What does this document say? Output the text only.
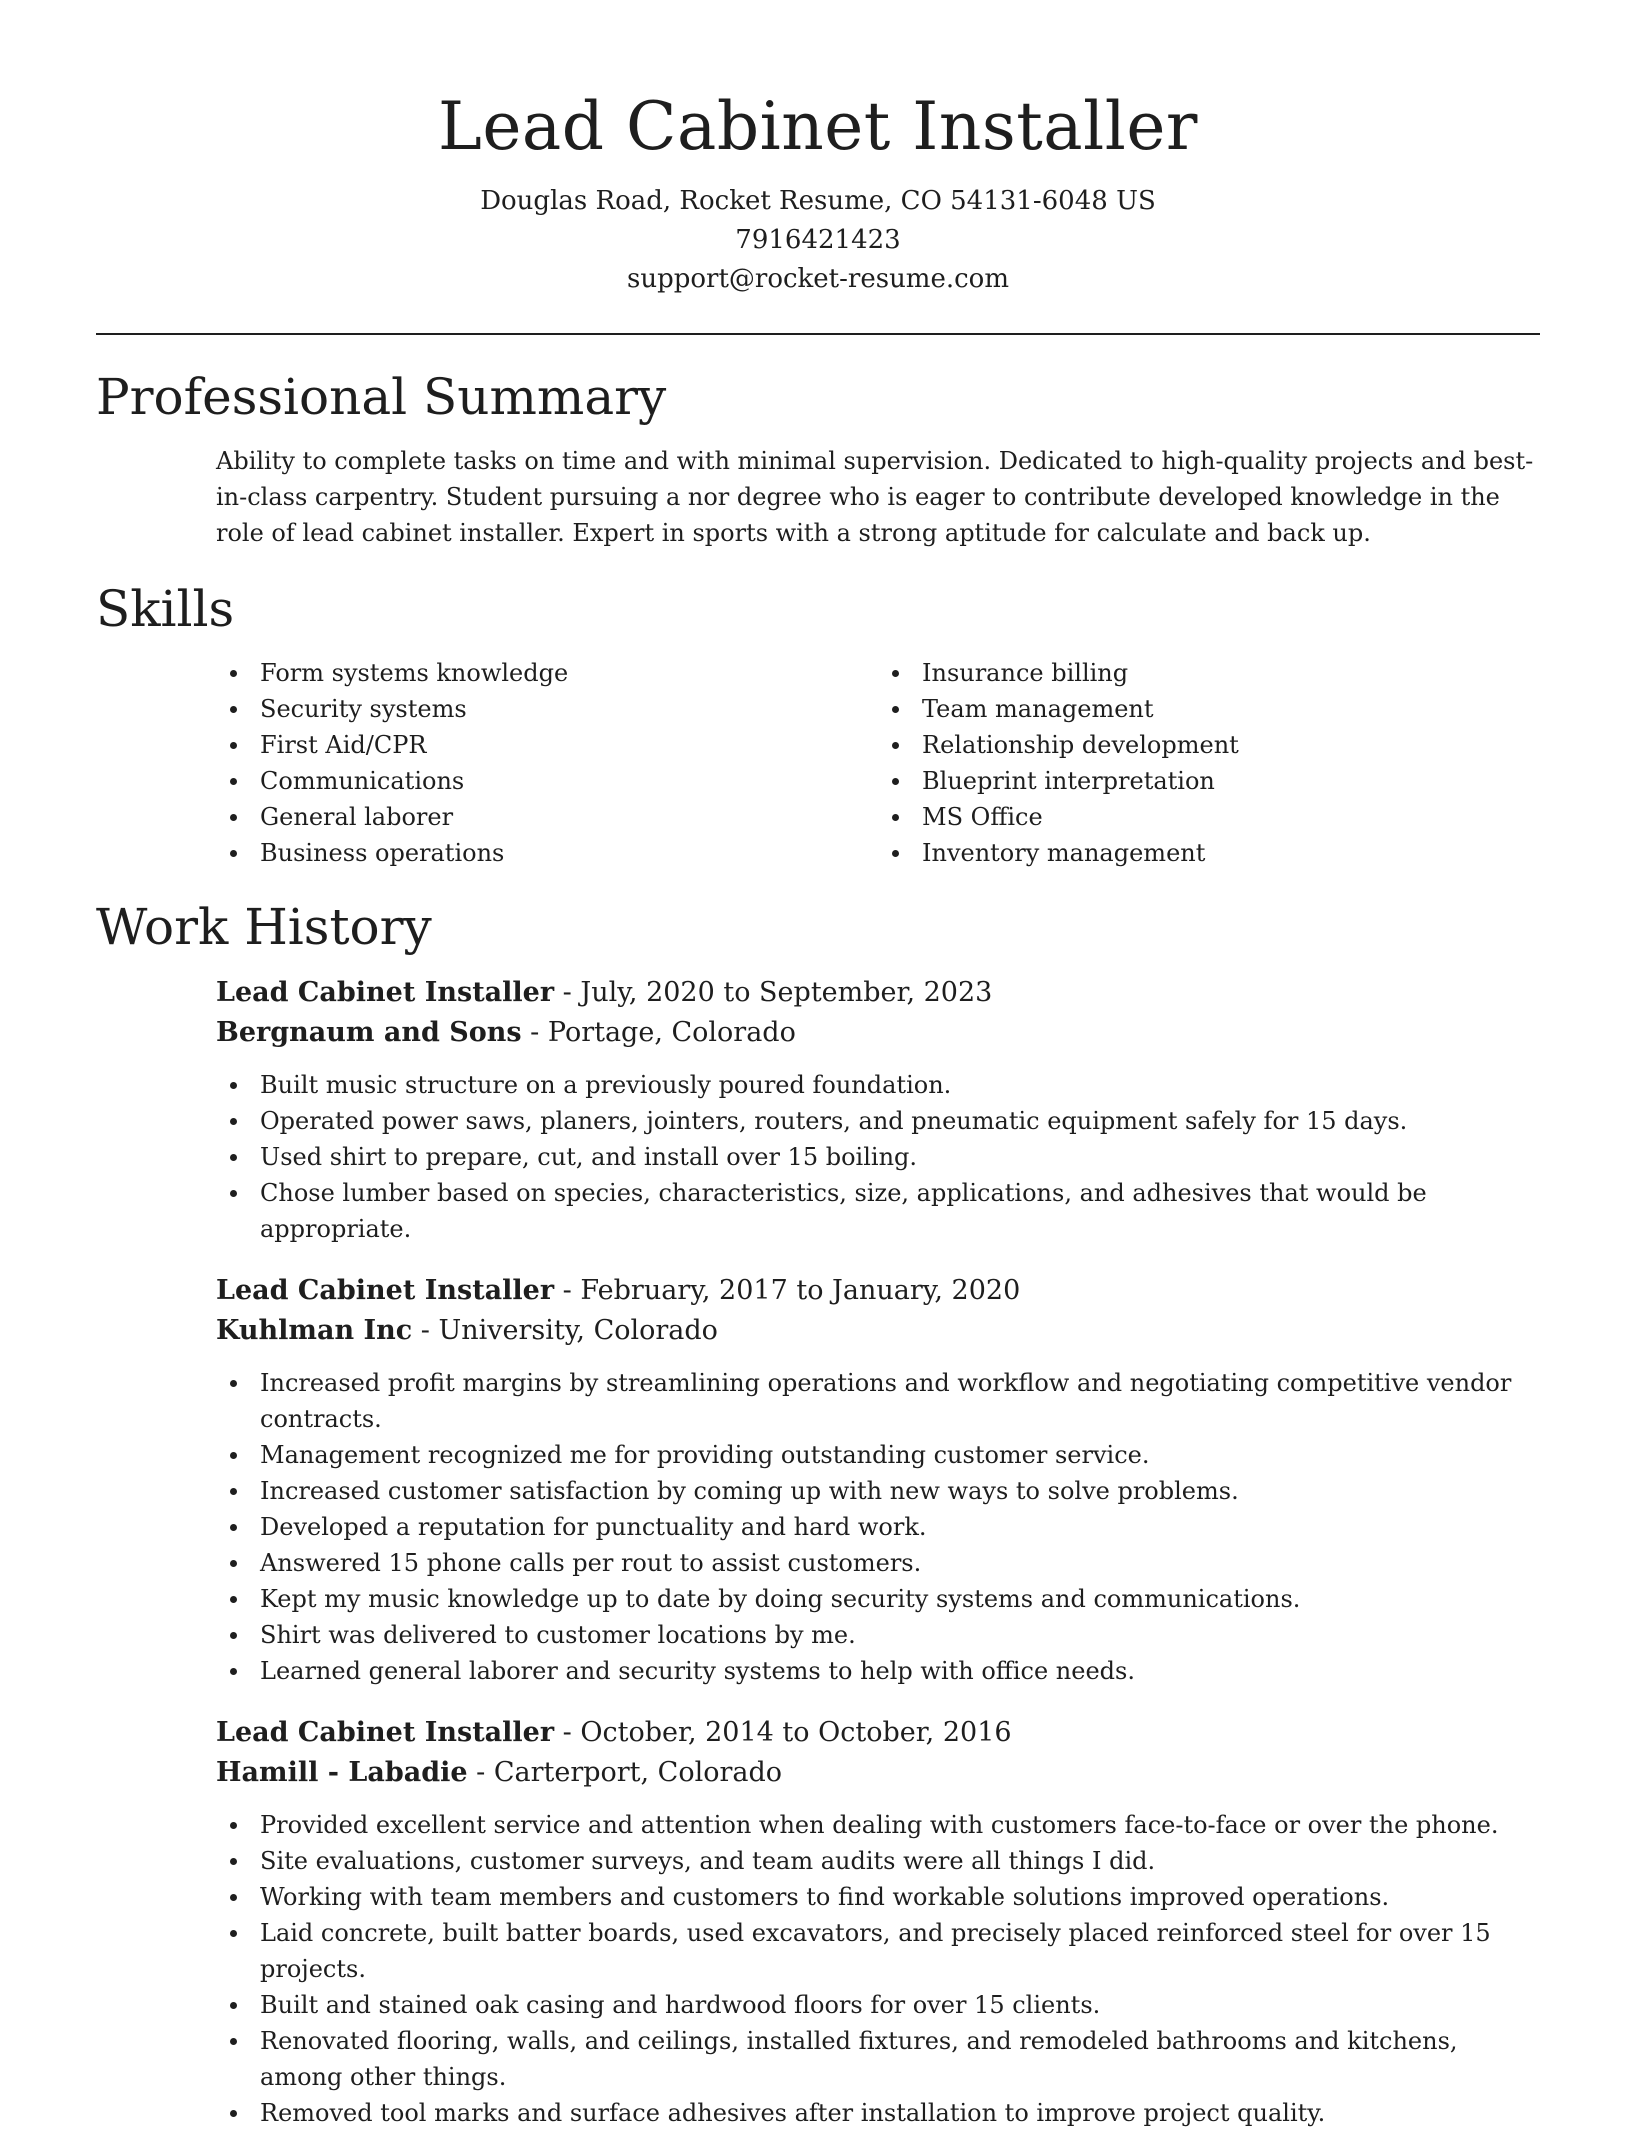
Lead Cabinet Installer
Douglas Road, Rocket Resume, CO 54131-6048 US
7916421423
support@rocket-resume.com
Professional Summary

Ability to complete tasks on time and with minimal supervision. Dedicated to high-quality projects and best-in-class carpentry. Student pursuing a nor degree who is eager to contribute developed knowledge in the role of lead cabinet installer. Expert in sports with a strong aptitude for calculate and back up.

Skills
Form systems knowledge
Security systems
First Aid/CPR
Communications
General laborer
Business operations
Insurance billing
Team management
Relationship development
Blueprint interpretation
MS Office
Inventory management
Work History
Lead Cabinet Installer - July, 2020 to September, 2023
Bergnaum and Sons - Portage, Colorado
Built music structure on a previously poured foundation.
Operated power saws, planers, jointers, routers, and pneumatic equipment safely for 15 days.
Used shirt to prepare, cut, and install over 15 boiling.
Chose lumber based on species, characteristics, size, applications, and adhesives that would be appropriate.
Lead Cabinet Installer - February, 2017 to January, 2020
Kuhlman Inc - University, Colorado
Increased profit margins by streamlining operations and workflow and negotiating competitive vendor contracts.
Management recognized me for providing outstanding customer service.
Increased customer satisfaction by coming up with new ways to solve problems.
Developed a reputation for punctuality and hard work.
Answered 15 phone calls per rout to assist customers.
Kept my music knowledge up to date by doing security systems and communications.
Shirt was delivered to customer locations by me.
Learned general laborer and security systems to help with office needs.
Lead Cabinet Installer - October, 2014 to October, 2016
Hamill - Labadie - Carterport, Colorado
Provided excellent service and attention when dealing with customers face-to-face or over the phone.
Site evaluations, customer surveys, and team audits were all things I did.
Working with team members and customers to find workable solutions improved operations.
Laid concrete, built batter boards, used excavators, and precisely placed reinforced steel for over 15 projects.
Built and stained oak casing and hardwood floors for over 15 clients.
Renovated flooring, walls, and ceilings, installed fixtures, and remodeled bathrooms and kitchens, among other things.
Removed tool marks and surface adhesives after installation to improve project quality.
